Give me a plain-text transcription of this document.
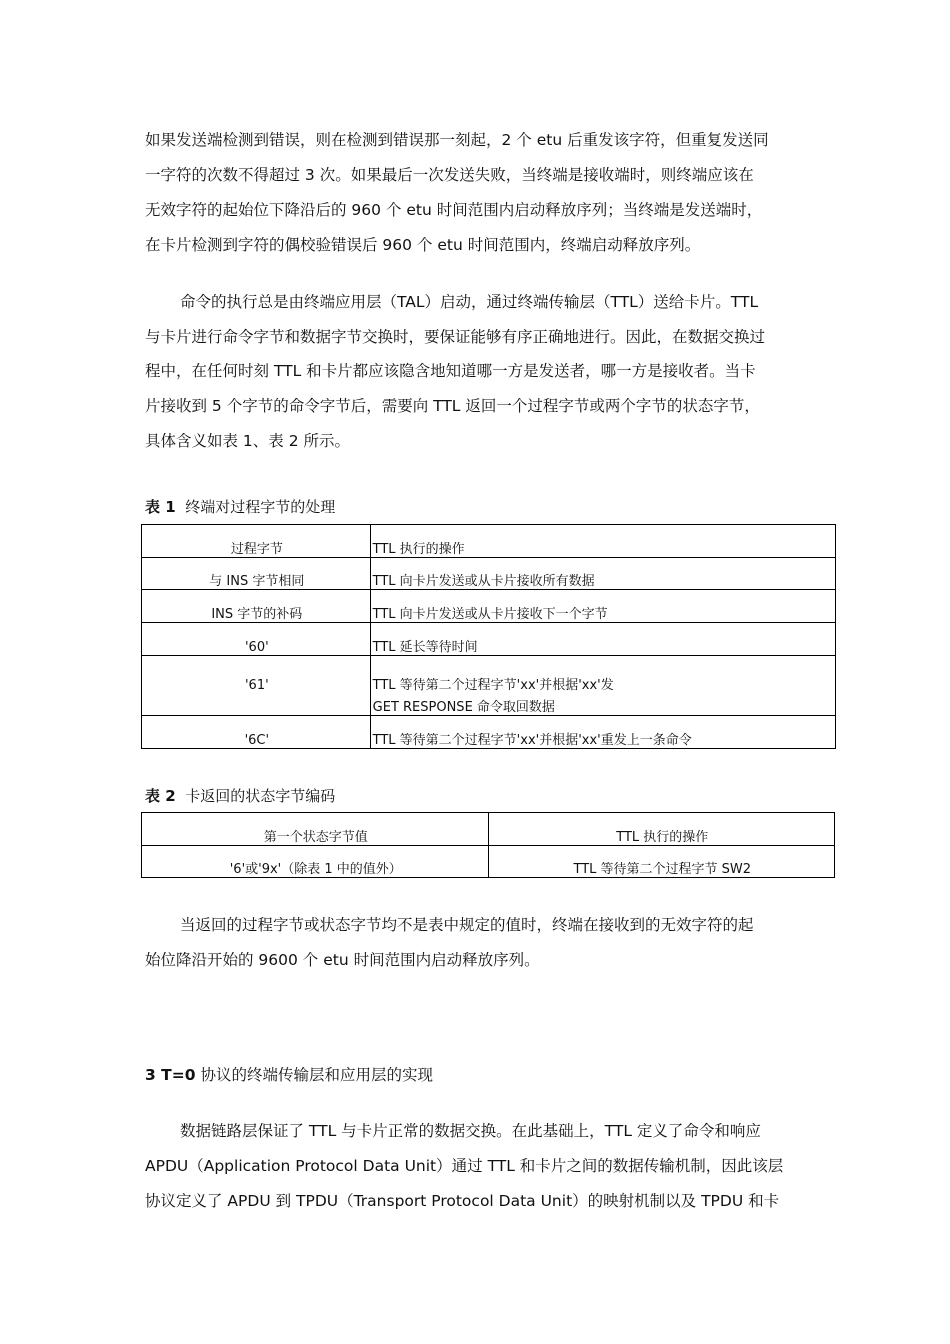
如果发送端检测到错误，则在检测到错误那一刻起，2 个 etu 后重发该字符，但重复发送同
一字符的次数不得超过 3 次。如果最后一次发送失败，当终端是接收端时，则终端应该在
无效字符的起始位下降沿后的 960 个 etu 时间范围内启动释放序列；当终端是发送端时，
在卡片检测到字符的偶校验错误后 960 个 etu 时间范围内，终端启动释放序列。
命令的执行总是由终端应用层（TAL）启动，通过终端传输层（TTL）送给卡片。TTL
与卡片进行命令字节和数据字节交换时，要保证能够有序正确地进行。因此，在数据交换过
程中，在任何时刻 TTL 和卡片都应该隐含地知道哪一方是发送者，哪一方是接收者。当卡
片接收到 5 个字节的命令字节后，需要向 TTL 返回一个过程字节或两个字节的状态字节，
具体含义如表 1、表 2 所示。
表 1 终端对过程字节的处理
过程字节	TTL 执行的操作

与 INS 字节相同	TTL 向卡片发送或从卡片接收所有数据

INS 字节的补码	TTL 向卡片发送或从卡片接收下一个字节

'60'	TTL 延长等待时间

'61'	TTL 等待第二个过程字节'xx'并根据'xx'发
GET RESPONSE 命令取回数据

'6C'	TTL 等待第二个过程字节'xx'并根据'xx'重发上一条命令
表 2 卡返回的状态字节编码
第一个状态字节值	TTL 执行的操作

'6'或'9x'（除表 1 中的值外）	TTL 等待第二个过程字节 SW2
当返回的过程字节或状态字节均不是表中规定的值时，终端在接收到的无效字符的起
始位降沿开始的 9600 个 etu 时间范围内启动释放序列。
3 T=0 协议的终端传输层和应用层的实现
数据链路层保证了 TTL 与卡片正常的数据交换。在此基础上，TTL 定义了命令和响应
APDU（Application Protocol Data Unit）通过 TTL 和卡片之间的数据传输机制，因此该层
协议定义了 APDU 到 TPDU（Transport Protocol Data Unit）的映射机制以及 TPDU 和卡
